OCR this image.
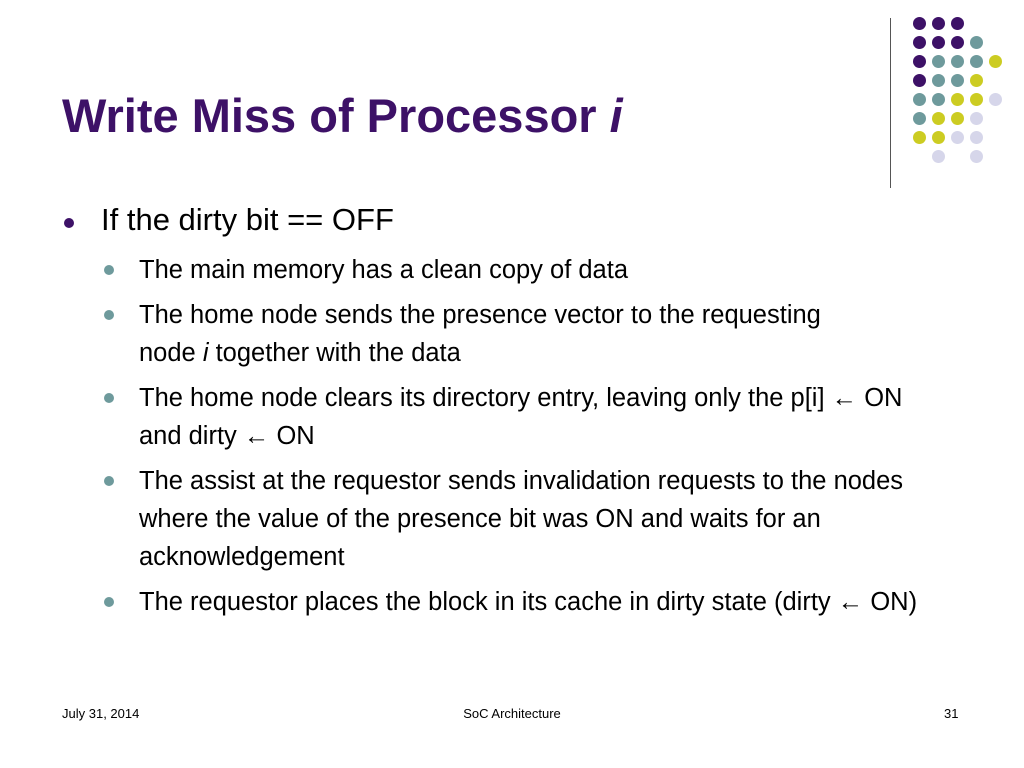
Write Miss of Processor i
If the dirty bit == OFF
The main memory has a clean copy of data
The home node sends the presence vector to the requesting node i together with the data
The home node clears its directory entry, leaving only the p[i] ← ON and dirty ← ON
The assist at the requestor sends invalidation requests to the nodes where the value of the presence bit was ON and waits for an acknowledgement
The requestor places the block in its cache in dirty state (dirty ← ON)
July 31, 2014	SoC Architecture	31
